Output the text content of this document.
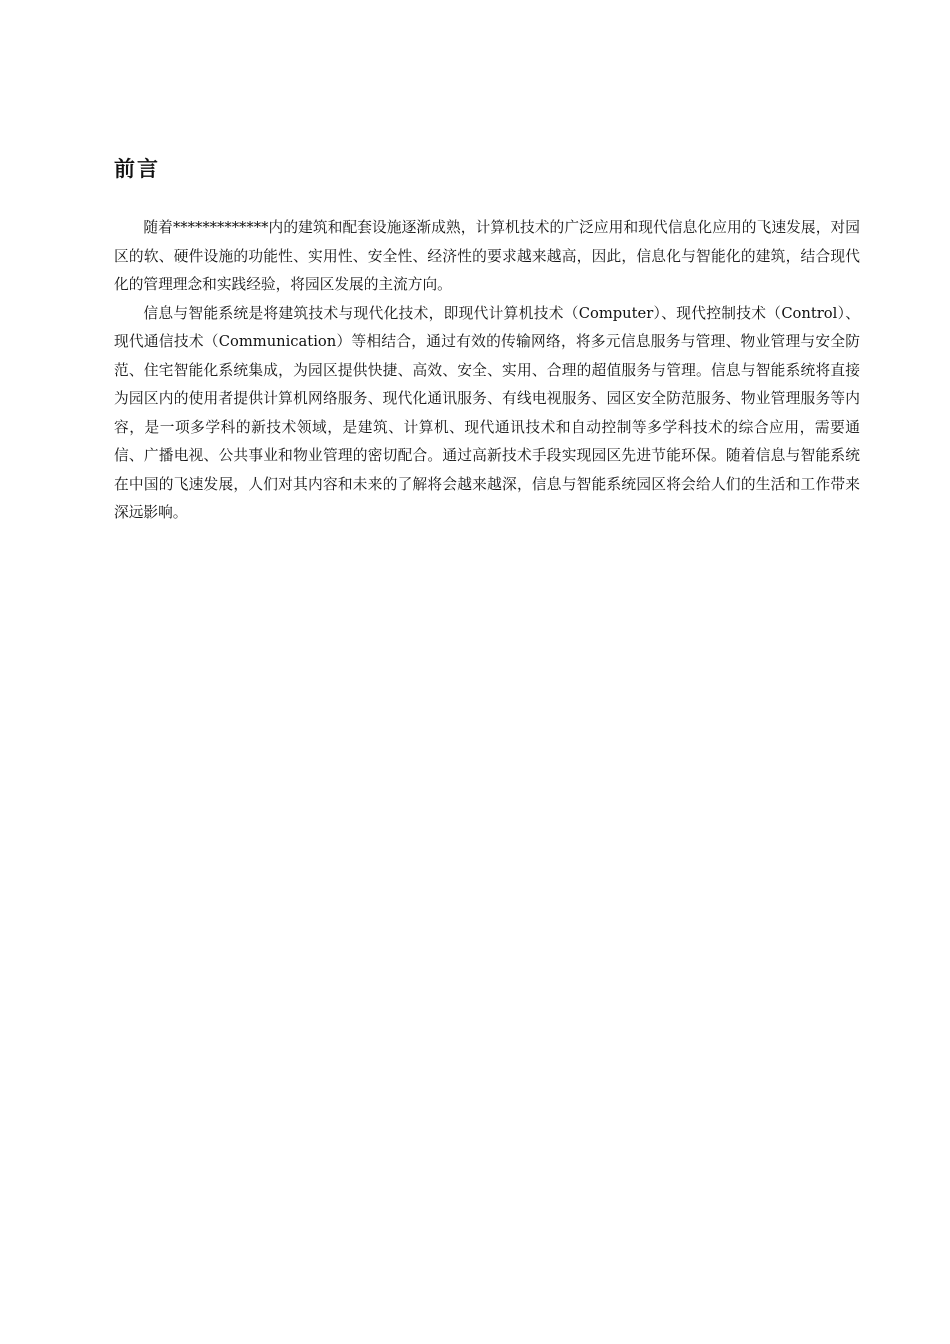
前言

随着*************内的建筑和配套设施逐渐成熟，计算机技术的广泛应用和现代信息化应用的飞速发展，对园区的软、硬件设施的功能性、实用性、安全性、经济性的要求越来越高，因此，信息化与智能化的建筑，结合现代化的管理理念和实践经验，将园区发展的主流方向。

信息与智能系统是将建筑技术与现代化技术，即现代计算机技术（Computer）、现代控制技术（Control）、现代通信技术（Communication）等相结合，通过有效的传输网络，将多元信息服务与管理、物业管理与安全防范、住宅智能化系统集成，为园区提供快捷、高效、安全、实用、合理的超值服务与管理。信息与智能系统将直接为园区内的使用者提供计算机网络服务、现代化通讯服务、有线电视服务、园区安全防范服务、物业管理服务等内容，是一项多学科的新技术领域，是建筑、计算机、现代通讯技术和自动控制等多学科技术的综合应用，需要通信、广播电视、公共事业和物业管理的密切配合。通过高新技术手段实现园区先进节能环保。随着信息与智能系统在中国的飞速发展，人们对其内容和未来的了解将会越来越深，信息与智能系统园区将会给人们的生活和工作带来深远影响。
